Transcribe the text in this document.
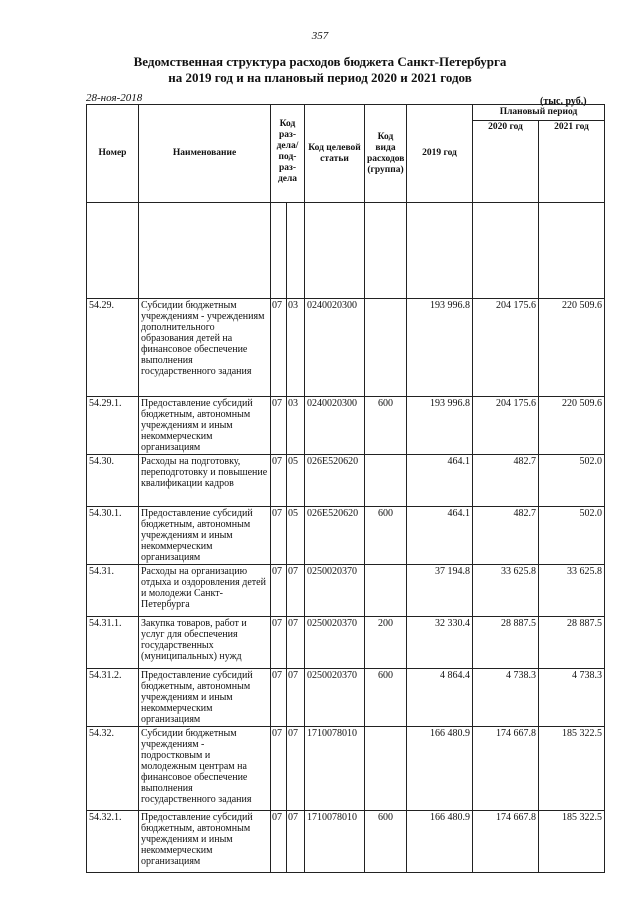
357
Ведомственная структура расходов бюджета Санкт-Петербурга
на 2019 год и на плановый период 2020 и 2021 годов
28-ноя-2018	(тыс. руб.)
Номер	Наименование	Код раз- дела/ под- раз- дела		Код целевой статьи	Код вида расходов (группа)	2019 год	Плановый период	
							2020 год	2021 год

54.29.	Субсидии бюджетным учреждениям - учреждениям дополнительного образования детей на финансовое обеспечение выполнения государственного задания	07	03	0240020300		193 996.8	204 175.6	220 509.6
54.29.1.	Предоставление субсидий бюджетным, автономным учреждениям и иным некоммерческим организациям	07	03	0240020300	600	193 996.8	204 175.6	220 509.6
54.30.	Расходы на подготовку, переподготовку и повышение квалификации кадров	07	05	026Е520620		464.1	482.7	502.0
54.30.1.	Предоставление субсидий бюджетным, автономным учреждениям и иным некоммерческим организациям	07	05	026Е520620	600	464.1	482.7	502.0
54.31.	Расходы на организацию отдыха и оздоровления детей и молодежи Санкт-Петербурга	07	07	0250020370		37 194.8	33 625.8	33 625.8
54.31.1.	Закупка товаров, работ и услуг для обеспечения государственных (муниципальных) нужд	07	07	0250020370	200	32 330.4	28 887.5	28 887.5
54.31.2.	Предоставление субсидий бюджетным, автономным учреждениям и иным некоммерческим организациям	07	07	0250020370	600	4 864.4	4 738.3	4 738.3
54.32.	Субсидии бюджетным учреждениям - подростковым и молодежным центрам на финансовое обеспечение выполнения государственного задания	07	07	1710078010		166 480.9	174 667.8	185 322.5
54.32.1.	Предоставление субсидий бюджетным, автономным учреждениям и иным некоммерческим организациям	07	07	1710078010	600	166 480.9	174 667.8	185 322.5
